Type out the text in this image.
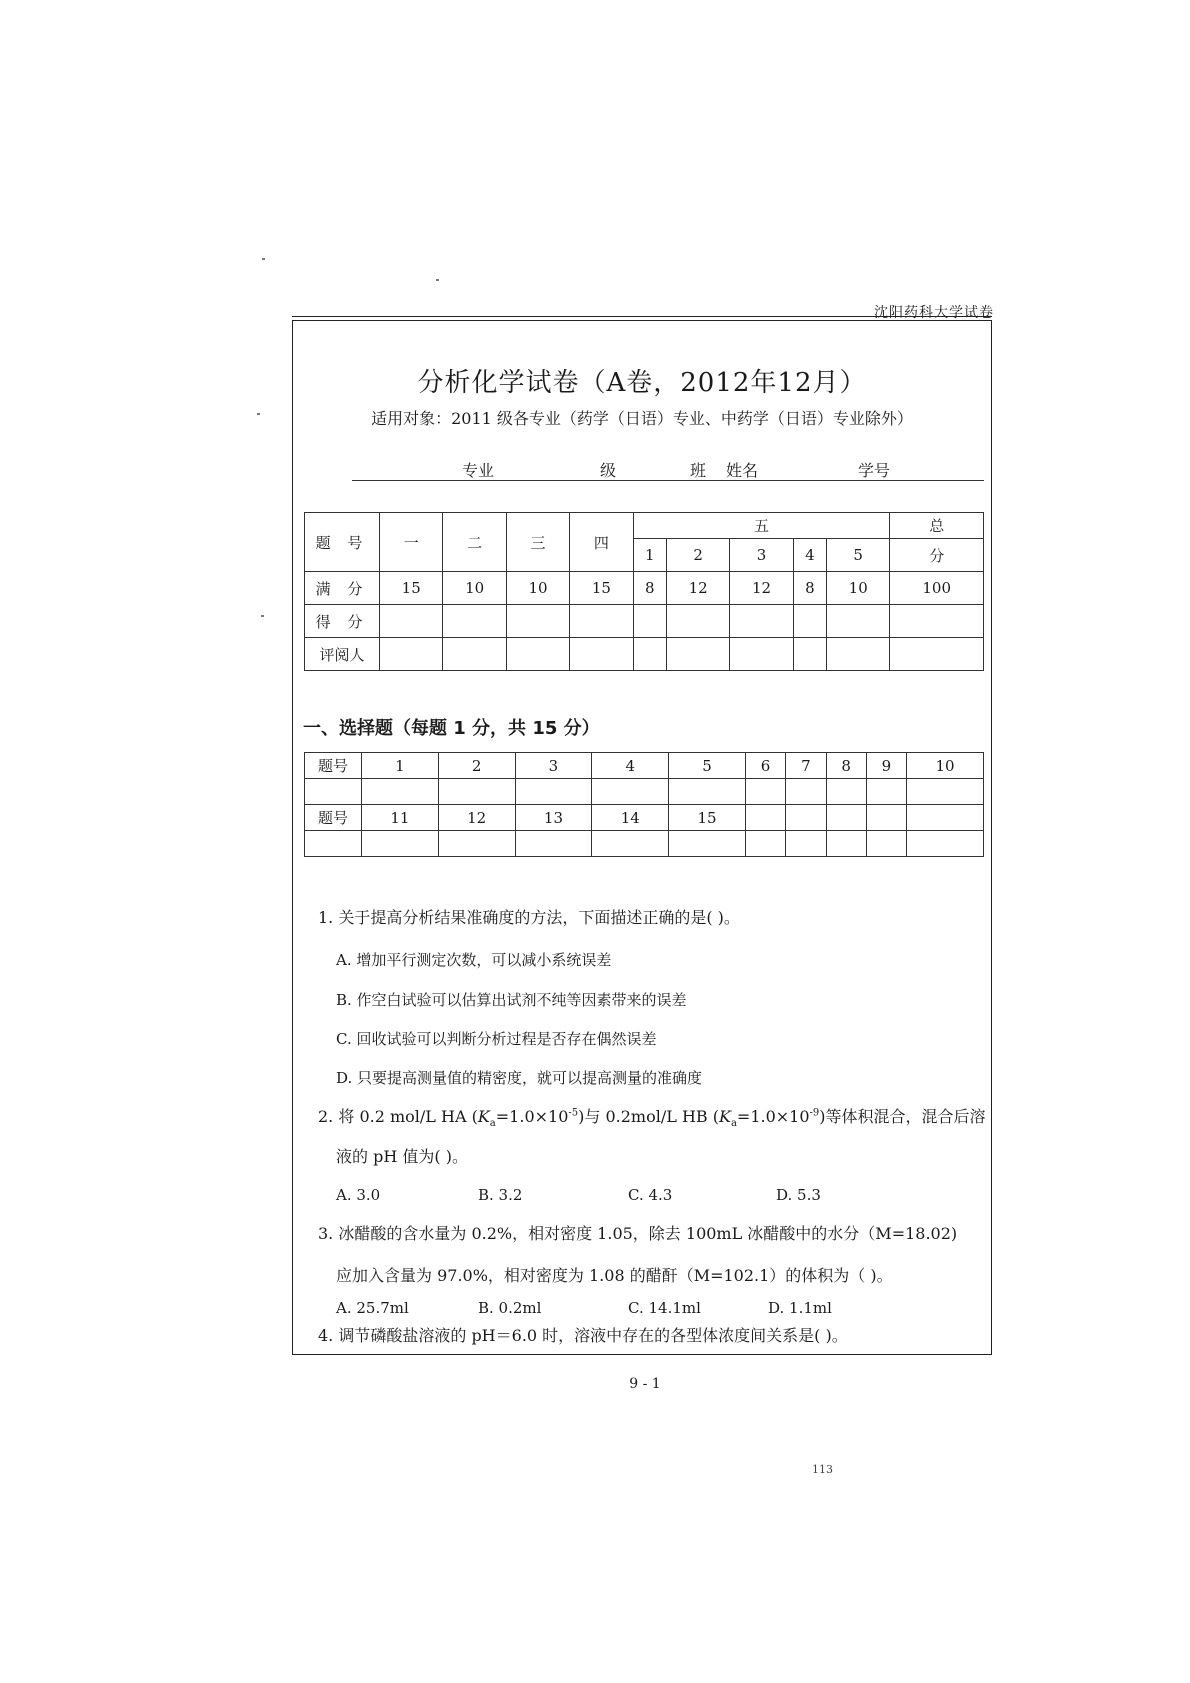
沈阳药科大学试卷
分析化学试卷（A卷，2012年12月）
适用对象：2011 级各专业（药学（日语）专业、中药学（日语）专业除外）
专业	级	班 姓名	学号
题 号	一	二	三	四	五					总
					1	2	3	4	5	分
满 分	15	10	10	15	8	12	12	8	10	100
得 分										
评阅人										
一、选择题（每题 1 分，共 15 分）
题号	1	2	3	4	5	6	7	8	9	10

题号	11	12	13	14	15					

1. 关于提高分析结果准确度的方法，下面描述正确的是( )。
A. 增加平行测定次数，可以减小系统误差
B. 作空白试验可以估算出试剂不纯等因素带来的误差
C. 回收试验可以判断分析过程是否存在偶然误差
D. 只要提高测量值的精密度，就可以提高测量的准确度
2. 将 0.2 mol/L HA $(K_a=1.0\times 10^{-5})$与 0.2mol/L HB $(K_a=1.0\times 10^{-9})$等体积混合，混合后溶
液的 pH 值为( )。
A. 3.0	B. 3.2	C. 4.3	D. 5.3
3. 冰醋酸的含水量为 0.2%，相对密度 1.05，除去 100mL 冰醋酸中的水分（M=18.02)
应加入含量为 97.0%，相对密度为 1.08 的醋酐（M=102.1）的体积为（ )。
A. 25.7ml	B. 0.2ml	C. 14.1ml	D. 1.1ml
4. 调节磷酸盐溶液的 pH＝6.0 时，溶液中存在的各型体浓度间关系是( )。
9 - 1
113
